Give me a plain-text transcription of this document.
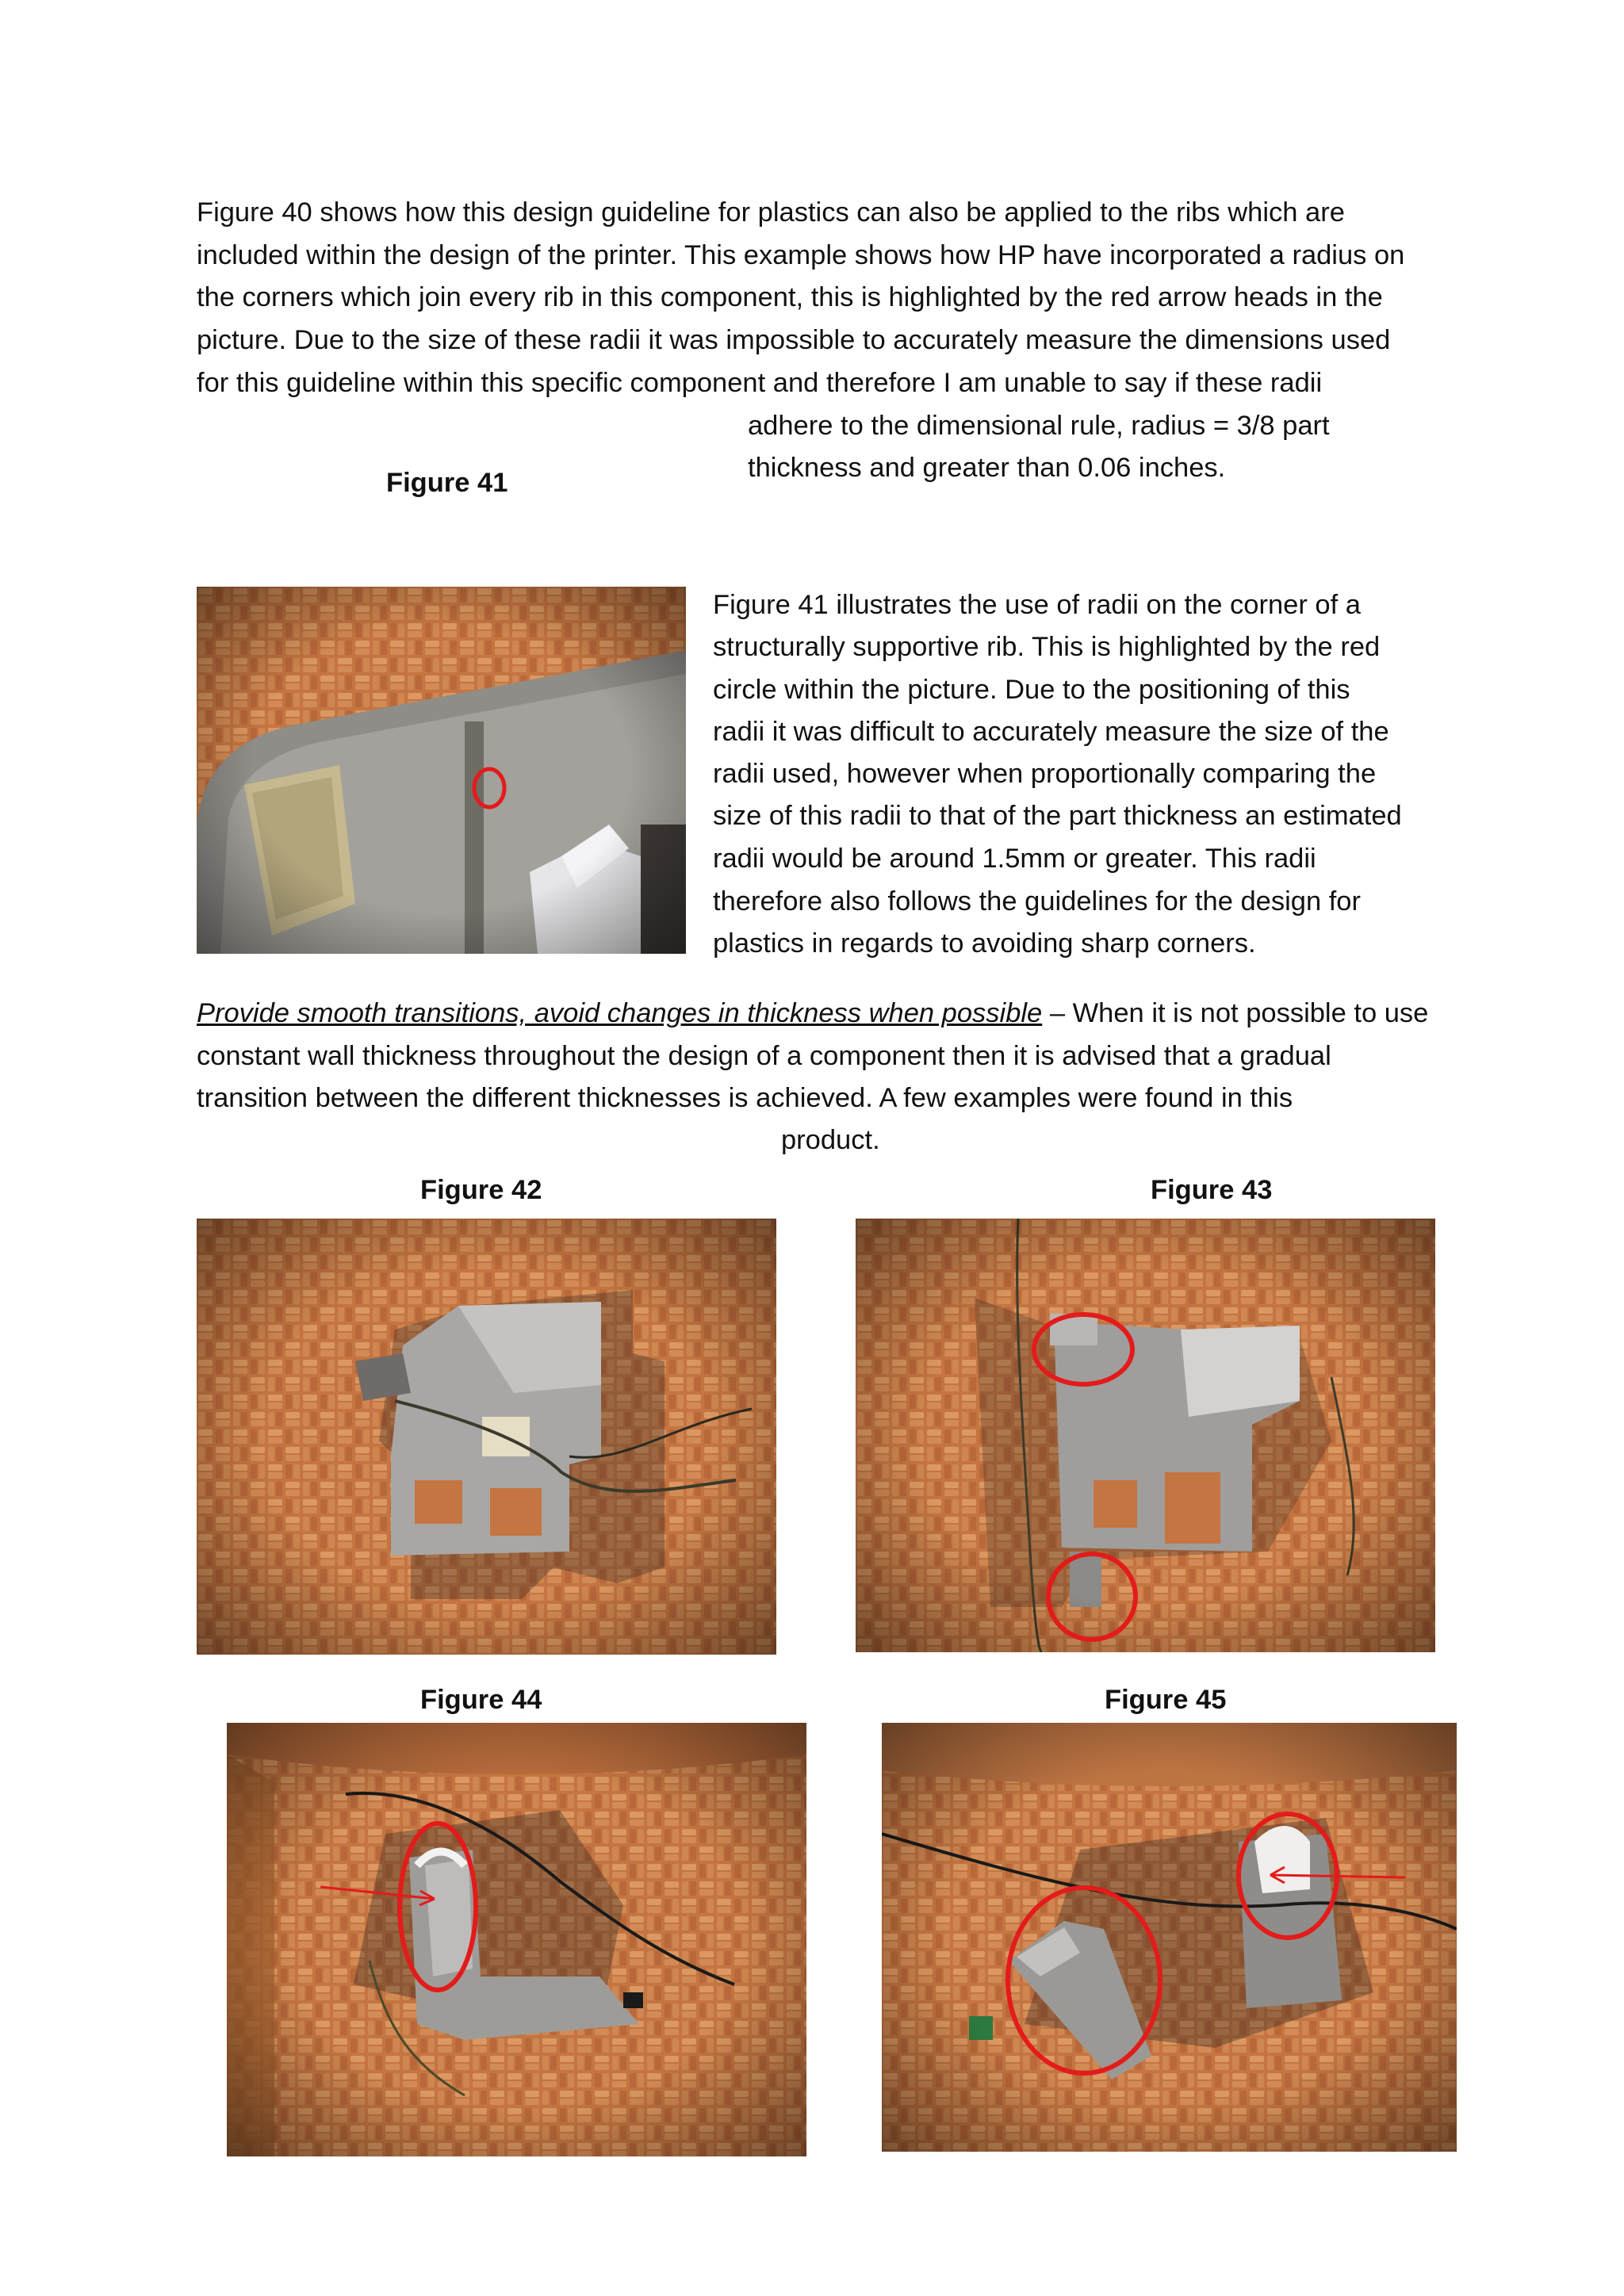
Figure 40 shows how this design guideline for plastics can also be applied to the ribs which are
included within the design of the printer. This example shows how HP have incorporated a radius on
the corners which join every rib in this component, this is highlighted by the red arrow heads in the
picture. Due to the size of these radii it was impossible to accurately measure the dimensions used
for this guideline within this specific component and therefore I am unable to say if these radii
adhere to the dimensional rule, radius = 3/8 part
thickness and greater than 0.06 inches.
Figure 41
Figure 41 illustrates the use of radii on the corner of a
structurally supportive rib. This is highlighted by the red
circle within the picture. Due to the positioning of this
radii it was difficult to accurately measure the size of the
radii used, however when proportionally comparing the
size of this radii to that of the part thickness an estimated
radii would be around 1.5mm or greater. This radii
therefore also follows the guidelines for the design for
plastics in regards to avoiding sharp corners.
Provide smooth transitions, avoid changes in thickness when possible – When it is not possible to use
constant wall thickness throughout the design of a component then it is advised that a gradual
transition between the different thicknesses is achieved. A few examples were found in this
product.
Figure 42	Figure 43
Figure 44	Figure 45
